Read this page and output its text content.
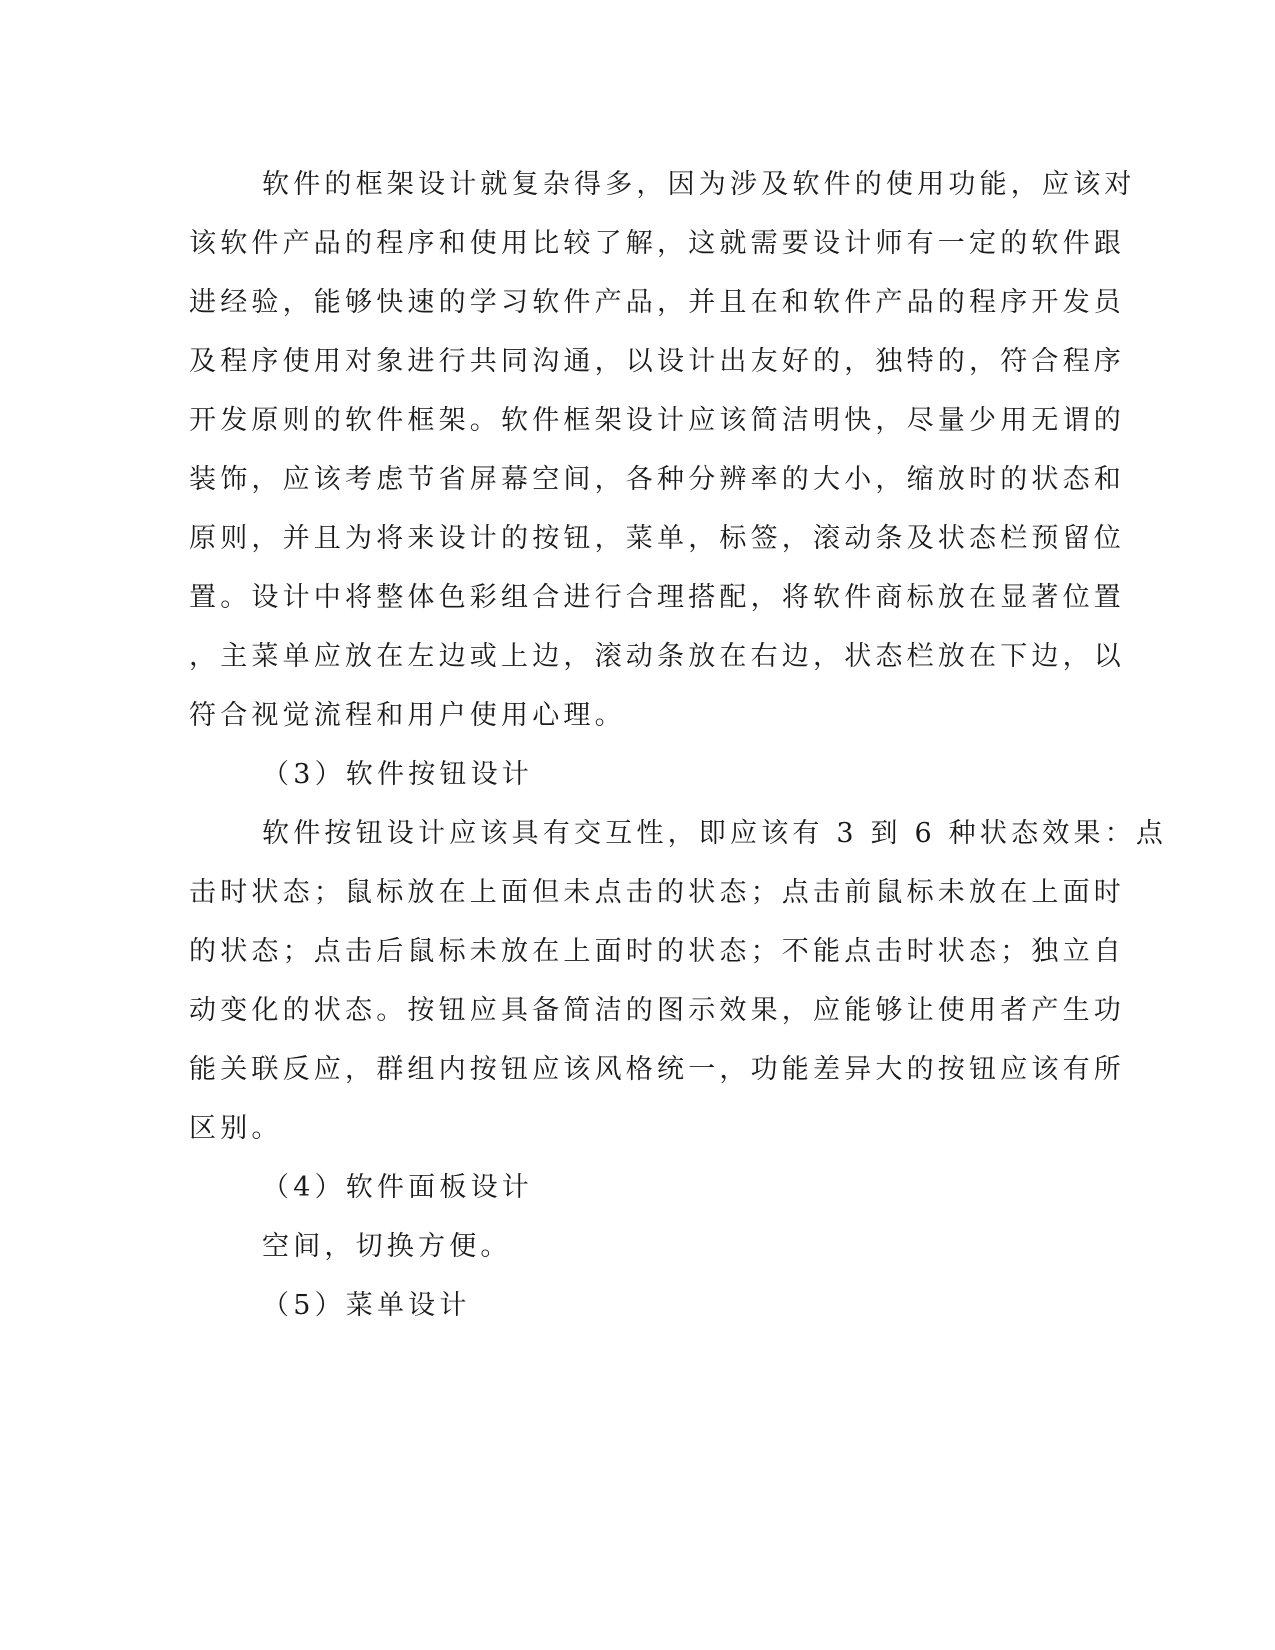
软件的框架设计就复杂得多，因为涉及软件的使用功能，应该对

该软件产品的程序和使用比较了解，这就需要设计师有一定的软件跟

进经验，能够快速的学习软件产品，并且在和软件产品的程序开发员

及程序使用对象进行共同沟通，以设计出友好的，独特的，符合程序

开发原则的软件框架。软件框架设计应该简洁明快，尽量少用无谓的

装饰，应该考虑节省屏幕空间，各种分辨率的大小，缩放时的状态和

原则，并且为将来设计的按钮，菜单，标签，滚动条及状态栏预留位

置。设计中将整体色彩组合进行合理搭配，将软件商标放在显著位置

，主菜单应放在左边或上边，滚动条放在右边，状态栏放在下边，以

符合视觉流程和用户使用心理。

（3）软件按钮设计

软件按钮设计应该具有交互性，即应该有 3 到 6 种状态效果：点

击时状态；鼠标放在上面但未点击的状态；点击前鼠标未放在上面时

的状态；点击后鼠标未放在上面时的状态；不能点击时状态；独立自

动变化的状态。按钮应具备简洁的图示效果，应能够让使用者产生功

能关联反应，群组内按钮应该风格统一，功能差异大的按钮应该有所

区别。

（4）软件面板设计

空间，切换方便。

（5）菜单设计
